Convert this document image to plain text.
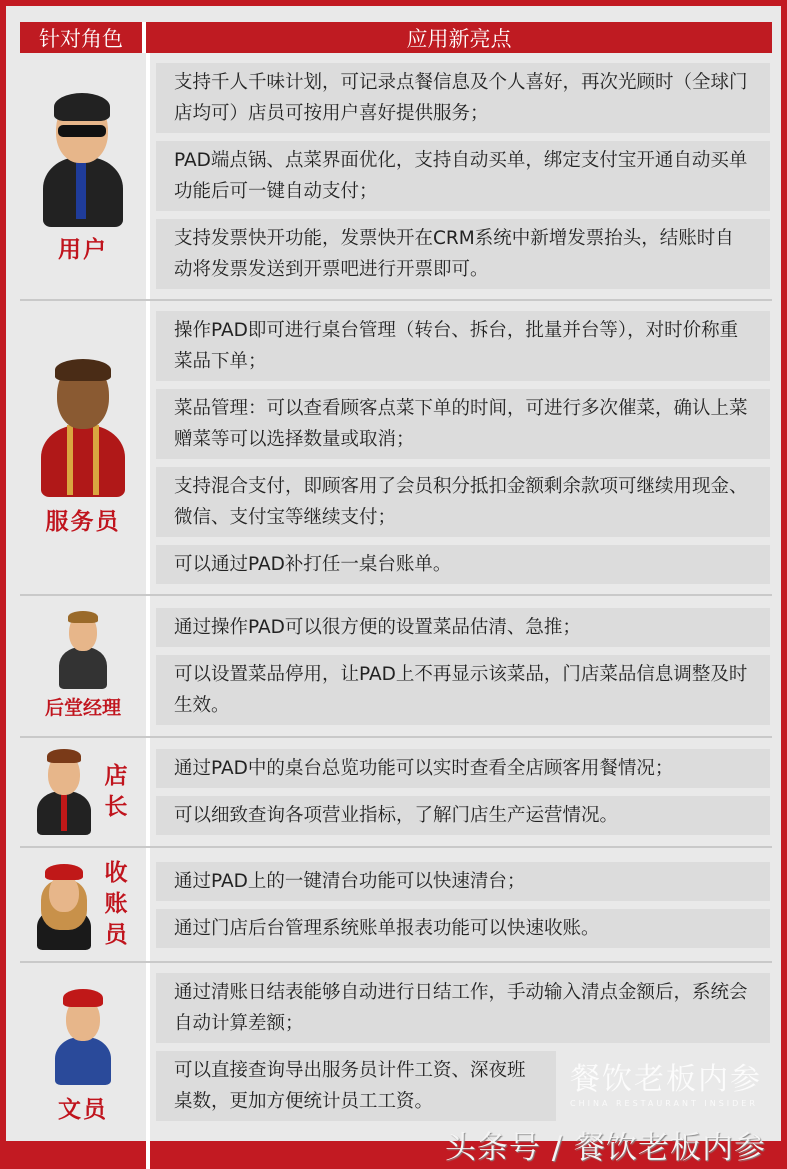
针对角色	应用新亮点
用户
支持千人千味计划，可记录点餐信息及个人喜好，再次光顾时（全球门店均可）店员可按用户喜好提供服务；
PAD端点锅、点菜界面优化，支持自动买单，绑定支付宝开通自动买单功能后可一键自动支付；
支持发票快开功能，发票快开在CRM系统中新增发票抬头，结账时自动将发票发送到开票吧进行开票即可。
服务员
操作PAD即可进行桌台管理（转台、拆台，批量并台等），对时价称重菜品下单；
菜品管理：可以查看顾客点菜下单的时间，可进行多次催菜，确认上菜赠菜等可以选择数量或取消；
支持混合支付，即顾客用了会员积分抵扣金额剩余款项可继续用现金、微信、支付宝等继续支付；
可以通过PAD补打任一桌台账单。
后堂经理
通过操作PAD可以很方便的设置菜品估清、急推；
可以设置菜品停用，让PAD上不再显示该菜品，门店菜品信息调整及时生效。
店长
通过PAD中的桌台总览功能可以实时查看全店顾客用餐情况；
可以细致查询各项营业指标，了解门店生产运营情况。
收账员
通过PAD上的一键清台功能可以快速清台；
通过门店后台管理系统账单报表功能可以快速收账。
文员
通过清账日结表能够自动进行日结工作，手动输入清点金额后，系统会自动计算差额；
可以直接查询导出服务员计件工资、深夜班桌数，更加方便统计员工工资。
餐饮老板内参
CHINA RESTAURANT INSIDER
头条号 / 餐饮老板内参
